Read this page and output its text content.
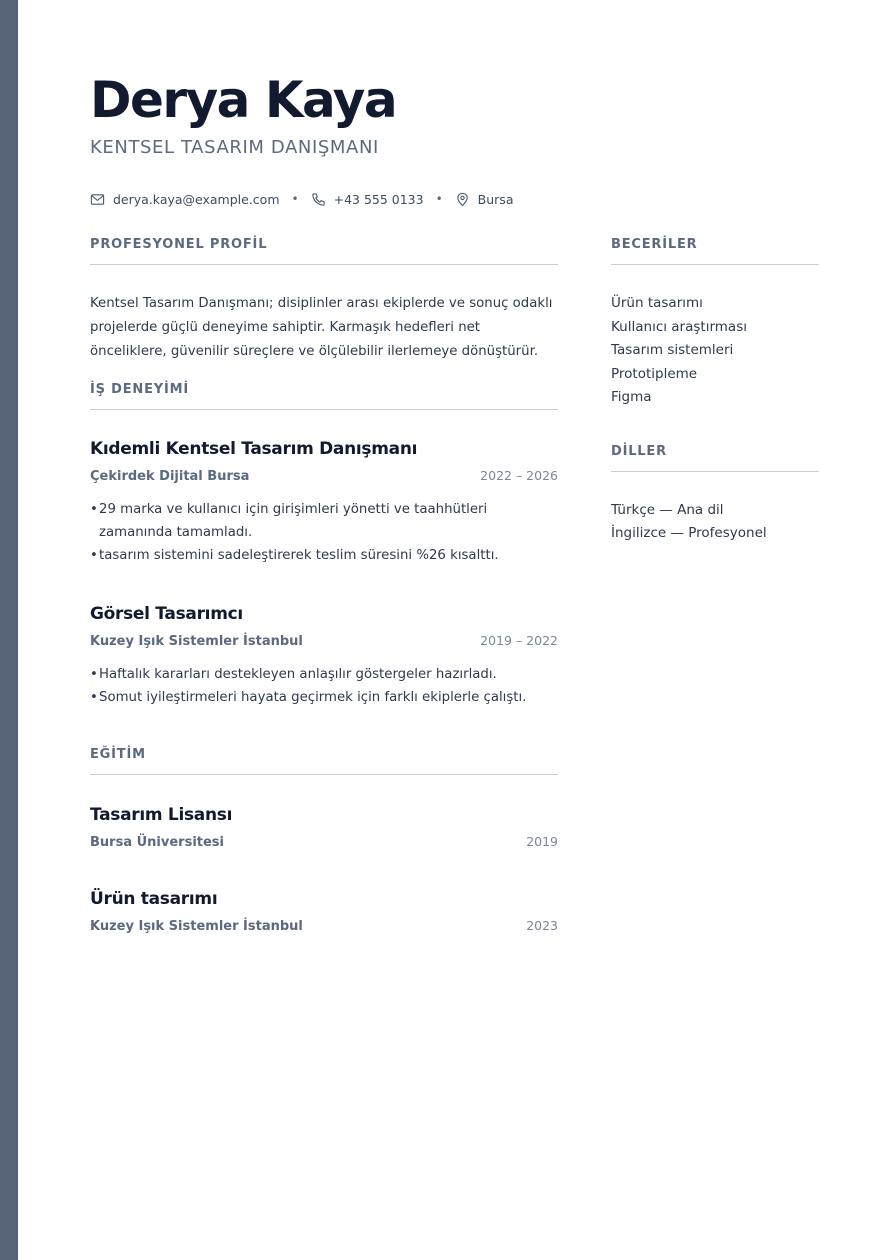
Derya Kaya
KENTSEL TASARIM DANIŞMANI
derya.kaya@example.com •	+43 555 0133 •	Bursa
PROFESYONEL PROFİL

Kentsel Tasarım Danışmanı; disiplinler arası ekiplerde ve sonuç odaklı projelerde güçlü deneyime sahiptir. Karmaşık hedefleri net önceliklere, güvenilir süreçlere ve ölçülebilir ilerlemeye dönüştürür.

İŞ DENEYİMİ
Kıdemli Kentsel Tasarım Danışmanı
Çekirdek Dijital Bursa	2022 – 2026
• 29 marka ve kullanıcı için girişimleri yönetti ve taahhütleri zamanında tamamladı.
• tasarım sistemini sadeleştirerek teslim süresini %26 kısalttı.
Görsel Tasarımcı
Kuzey Işık Sistemler İstanbul	2019 – 2022
• Haftalık kararları destekleyen anlaşılır göstergeler hazırladı.
• Somut iyileştirmeleri hayata geçirmek için farklı ekiplerle çalıştı.
EĞİTİM
Tasarım Lisansı
Bursa Üniversitesi	2019
Ürün tasarımı
Kuzey Işık Sistemler İstanbul	2023
BECERİLER
Ürün tasarımı
Kullanıcı araştırması
Tasarım sistemleri
Prototipleme
Figma
DİLLER
Türkçe — Ana dil
İngilizce — Profesyonel
